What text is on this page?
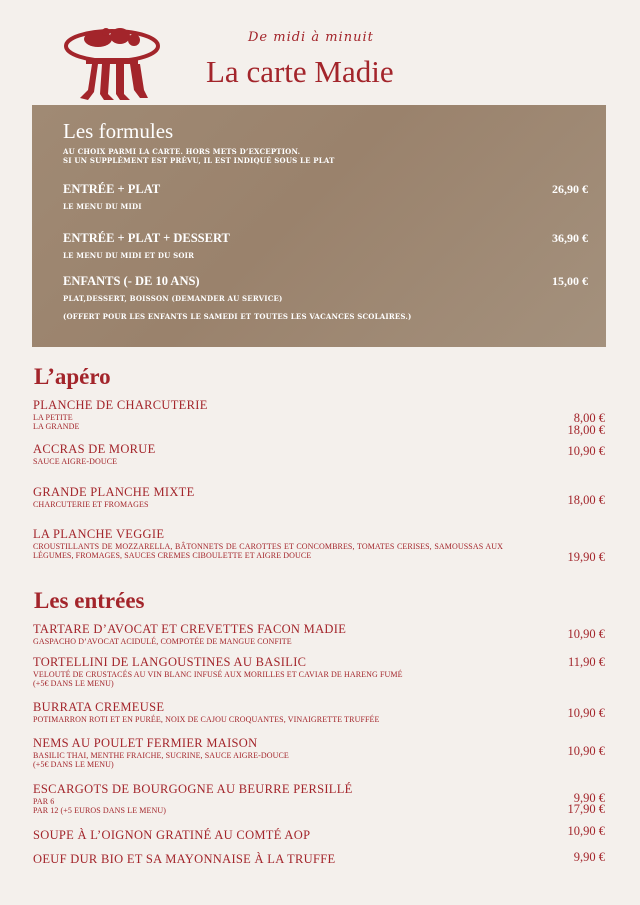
De midi à minuit
La carte Madie
Les formules
AU CHOIX PARMI LA CARTE. HORS METS D’EXCEPTION.
SI UN SUPPLÉMENT EST PRÉVU, IL EST INDIQUÉ SOUS LE PLAT
ENTRÉE + PLAT
LE MENU DU MIDI
26,90 €
ENTRÉE + PLAT + DESSERT
LE MENU DU MIDI ET DU SOIR
36,90 €
ENFANTS (- DE 10 ANS)
PLAT,DESSERT, BOISSON (DEMANDER AU SERVICE)
(OFFERT POUR LES ENFANTS LE SAMEDI ET TOUTES LES VACANCES SCOLAIRES.)
15,00 €
L’apéro
PLANCHE DE CHARCUTERIE
LA PETITE
LA GRANDE
8,00 €
18,00 €
ACCRAS DE MORUE
SAUCE AIGRE-DOUCE
10,90 €
GRANDE PLANCHE MIXTE
CHARCUTERIE ET FROMAGES	18,00 €
LA PLANCHE VEGGIE
CROUSTILLANTS DE MOZZARELLA, BÂTONNETS DE CAROTTES ET CONCOMBRES, TOMATES CERISES, SAMOUSSAS AUX LÉGUMES, FROMAGES, SAUCES CREMES CIBOULETTE ET AIGRE DOUCE	19,90 €
Les entrées
TARTARE D’AVOCAT ET CREVETTES FACON MADIE
GASPACHO D’AVOCAT ACIDULÉ, COMPOTÉE DE MANGUE CONFITE
10,90 €
TORTELLINI DE LANGOUSTINES AU BASILIC
VELOUTÉ DE CRUSTACÉS AU VIN BLANC INFUSÉ AUX MORILLES ET CAVIAR DE HARENG FUMÉ
(+5€ DANS LE MENU)
11,90 €
BURRATA CREMEUSE
POTIMARRON ROTI ET EN PURÉE, NOIX DE CAJOU CROQUANTES, VINAIGRETTE TRUFFÉE	10,90 €
NEMS AU POULET FERMIER MAISON
BASILIC THAI, MENTHE FRAICHE, SUCRINE, SAUCE AIGRE-DOUCE
(+5€ DANS LE MENU)
10,90 €
ESCARGOTS DE BOURGOGNE AU BEURRE PERSILLÉ
PAR 6
PAR 12 (+5 EUROS DANS LE MENU)
9,90 €
17,90 €
SOUPE À L’OIGNON GRATINÉ AU COMTÉ AOP	10,90 €
OEUF DUR BIO ET SA MAYONNAISE À LA TRUFFE	9,90 €
